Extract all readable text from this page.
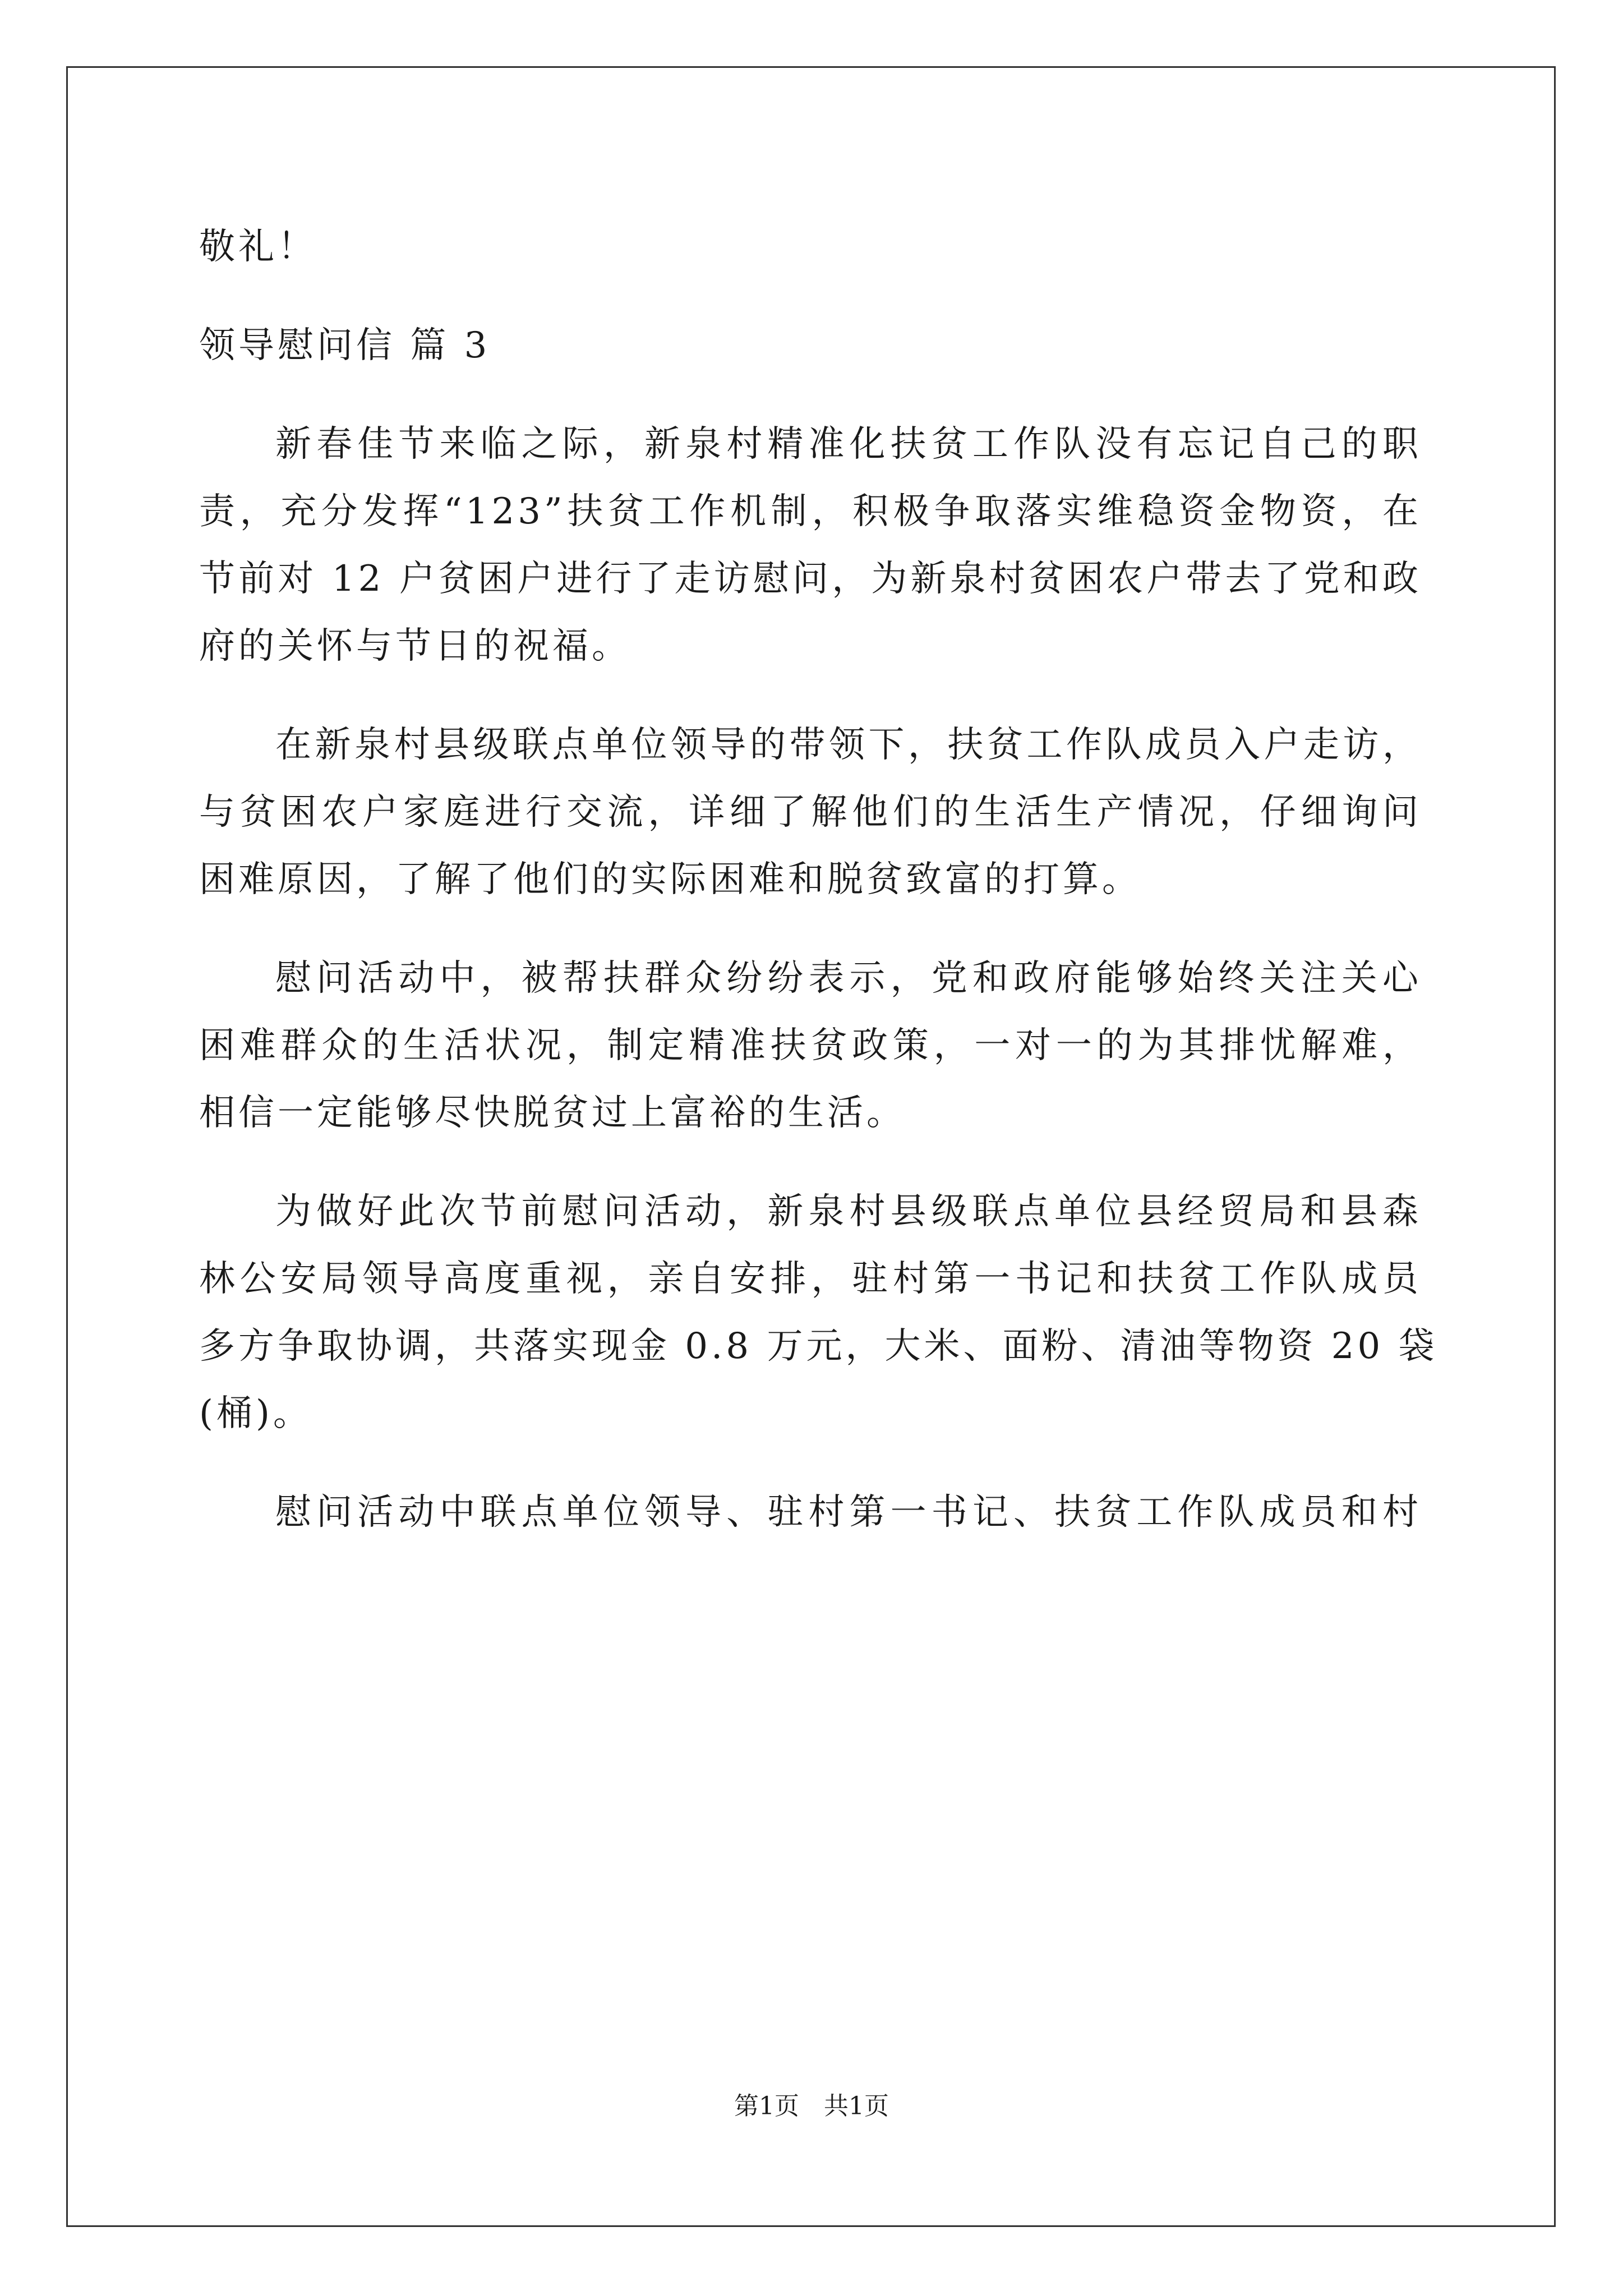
敬礼！
领导慰问信 篇 3
新春佳节来临之际，新泉村精准化扶贫工作队没有忘记自己的职
责，充分发挥“123”扶贫工作机制，积极争取落实维稳资金物资，在
节前对 12 户贫困户进行了走访慰问，为新泉村贫困农户带去了党和政
府的关怀与节日的祝福。
在新泉村县级联点单位领导的带领下，扶贫工作队成员入户走访，
与贫困农户家庭进行交流，详细了解他们的生活生产情况，仔细询问
困难原因，了解了他们的实际困难和脱贫致富的打算。
慰问活动中，被帮扶群众纷纷表示，党和政府能够始终关注关心
困难群众的生活状况，制定精准扶贫政策，一对一的为其排忧解难，
相信一定能够尽快脱贫过上富裕的生活。
为做好此次节前慰问活动，新泉村县级联点单位县经贸局和县森
林公安局领导高度重视，亲自安排，驻村第一书记和扶贫工作队成员
多方争取协调，共落实现金 0.8 万元，大米、面粉、清油等物资 20 袋
(桶)。
慰问活动中联点单位领导、驻村第一书记、扶贫工作队成员和村
第1页　共1页
